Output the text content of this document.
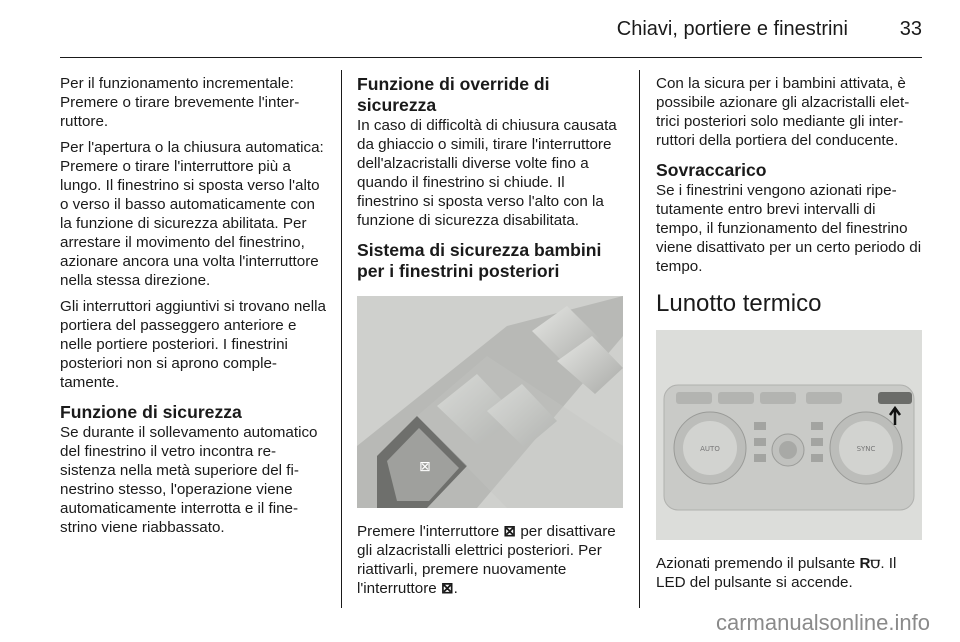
Chiavi, portiere e finestrini	33

Per il funzionamento incrementale: Premere o tirare brevemente l'interruttore.

Per l'apertura o la chiusura automatica: Premere o tirare l'interruttore più a lungo. Il finestrino si sposta verso l'alto o verso il basso automaticamente con la funzione di sicurezza abilitata. Per arrestare il movimento del finestrino, azionare ancora una volta l'interruttore nella stessa direzione.

Gli interruttori aggiuntivi si trovano nella portiera del passeggero anteriore e nelle portiere posteriori. I finestrini posteriori non si aprono completamente.

Funzione di sicurezza

Se durante il sollevamento automatico del finestrino il vetro incontra resistenza nella metà superiore del finestrino stesso, l'operazione viene automaticamente interrotta e il finestrino viene riabbassato.

Funzione di override di sicurezza

In caso di difficoltà di chiusura causata da ghiaccio o simili, tirare l'interruttore dell'alzacristalli diverse volte fino a quando il finestrino si chiude. Il finestrino si sposta verso l'alto con la funzione di sicurezza disabilitata.

Sistema di sicurezza bambini per i finestrini posteriori
⊠

Premere l'interruttore ⊠ per disattivare gli alzacristalli elettrici posteriori. Per riattivarli, premere nuovamente l'interruttore ⊠.

Con la sicura per i bambini attivata, è possibile azionare gli alzacristalli elettrici posteriori solo mediante gli interruttori della portiera del conducente.

Sovraccarico

Se i finestrini vengono azionati ripetutamente entro brevi intervalli di tempo, il funzionamento del finestrino viene disattivato per un certo periodo di tempo.

Lunotto termico
AUTO	SYNC

Azionati premendo il pulsante R⩌. Il LED del pulsante si accende.

carmanualsonline.info
